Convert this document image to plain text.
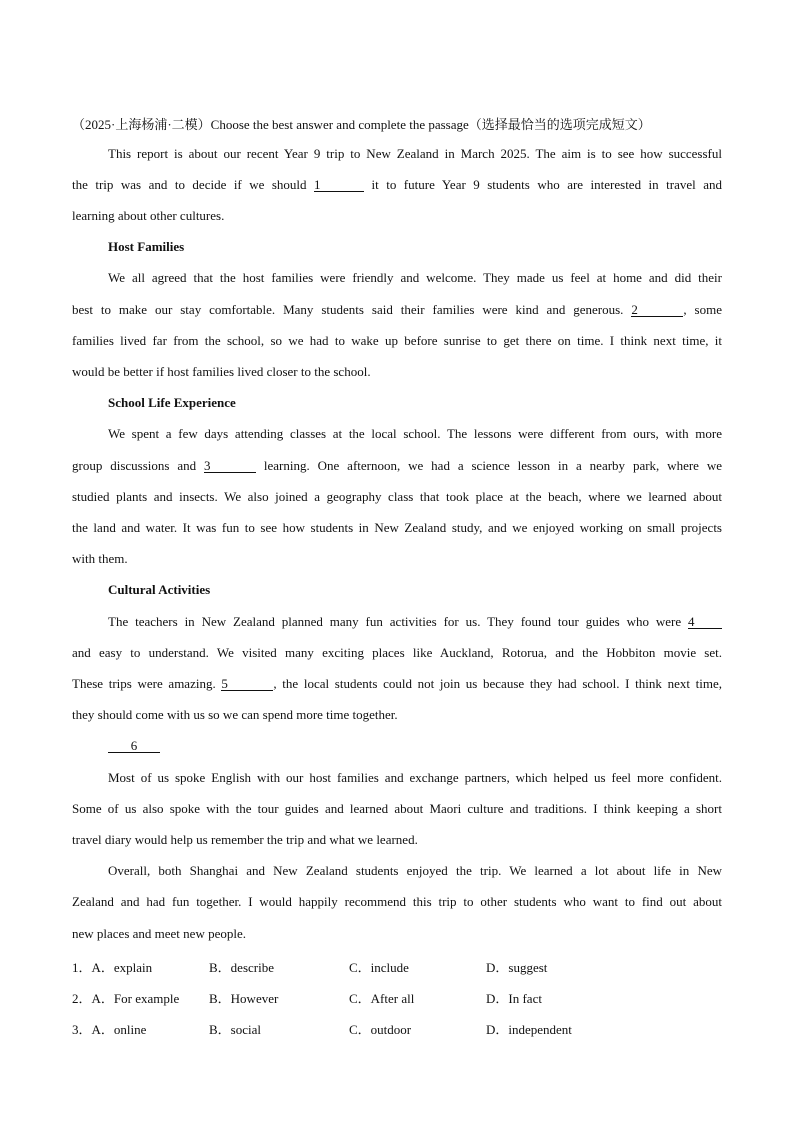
（2025·上海杨浦·二模）Choose the best answer and complete the passage（选择最恰当的选项完成短文）
This report is about our recent Year 9 trip to New Zealand in March 2025. The aim is to see how successful
the trip was and to decide if we should 1	it to future Year 9 students who are interested in travel and
learning about other cultures.
Host Families
We all agreed that the host families were friendly and welcome. They made us feel at home and did their
best to make our stay comfortable. Many students said their families were kind and generous. 2	, some
families lived far from the school, so we had to wake up before sunrise to get there on time. I think next time, it
would be better if host families lived closer to the school.
School Life Experience
We spent a few days attending classes at the local school. The lessons were different from ours, with more
group discussions and 3	learning. One afternoon, we had a science lesson in a nearby park, where we
studied plants and insects. We also joined a geography class that took place at the beach, where we learned about
the land and water. It was fun to see how students in New Zealand study, and we enjoyed working on small projects
with them.
Cultural Activities
The teachers in New Zealand planned many fun activities for us. They found tour guides who were 4
and easy to understand. We visited many exciting places like Auckland, Rotorua, and the Hobbiton movie set.
These trips were amazing. 5	, the local students could not join us because they had school. I think next time,
they should come with us so we can spend more time together.
6
Most of us spoke English with our host families and exchange partners, which helped us feel more confident.
Some of us also spoke with the tour guides and learned about Maori culture and traditions. I think keeping a short
travel diary would help us remember the trip and what we learned.
Overall, both Shanghai and New Zealand students enjoyed the trip. We learned a lot about life in New
Zealand and had fun together. I would happily recommend this trip to other students who want to find out about
new places and meet new people.
1．A．explain	B．describe	C．include	D．suggest
2．A．For example B．However	C．After all	D．In fact
3．A．online	B．social	C．outdoor	D．independent
